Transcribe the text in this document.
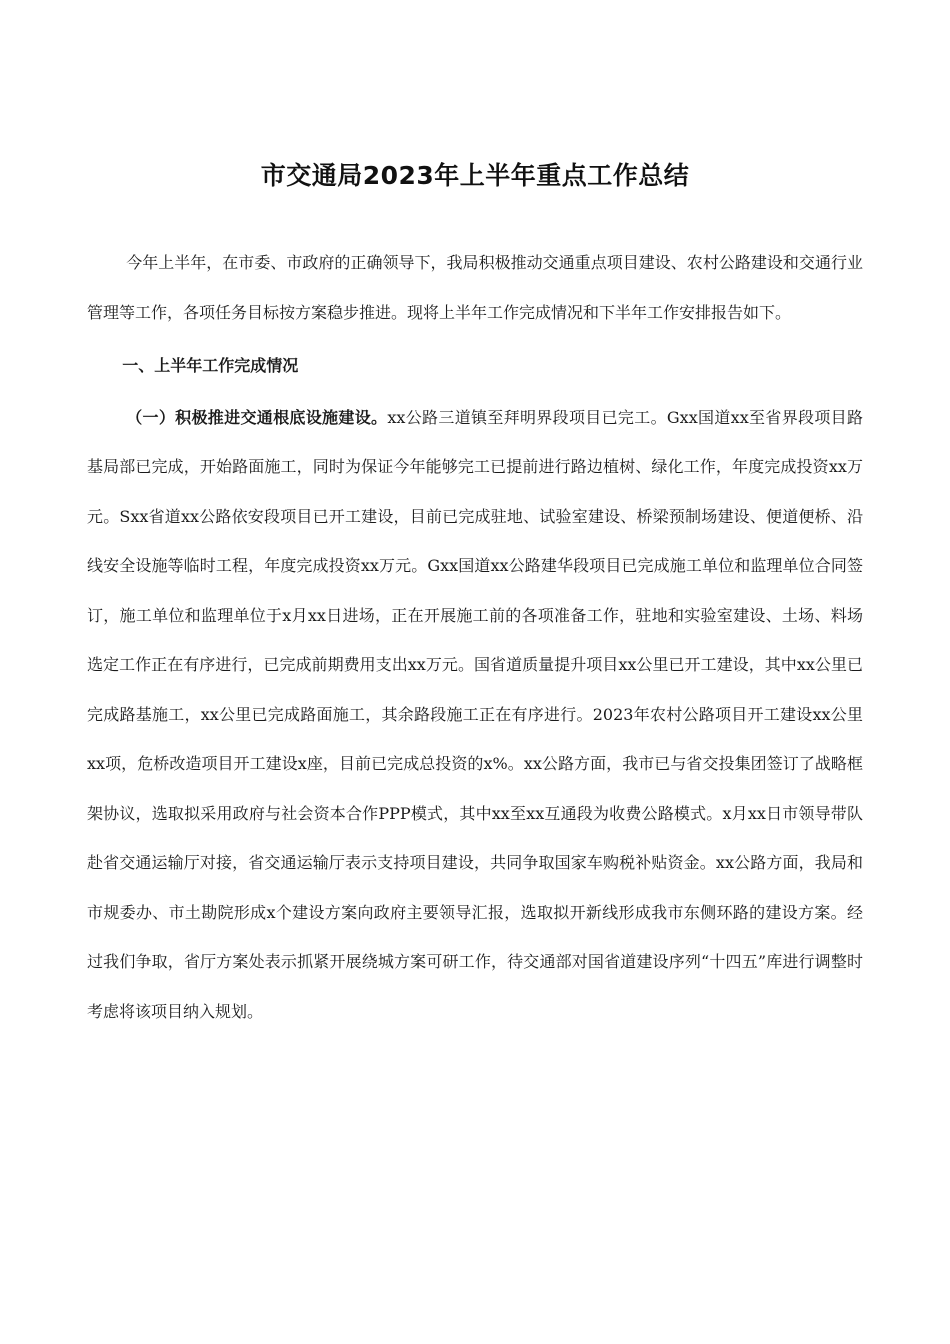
市交通局2023年上半年重点工作总结

今年上半年，在市委、市政府的正确领导下，我局积极推动交通重点项目建设、农村公路建设和交通行业管理等工作，各项任务目标按方案稳步推进。现将上半年工作完成情况和下半年工作安排报告如下。

一、上半年工作完成情况

（一）积极推进交通根底设施建设。xx公路三道镇至拜明界段项目已完工。Gxx国道xx至省界段项目路基局部已完成，开始路面施工，同时为保证今年能够完工已提前进行路边植树、绿化工作，年度完成投资xx万元。Sxx省道xx公路依安段项目已开工建设，目前已完成驻地、试验室建设、桥梁预制场建设、便道便桥、沿线安全设施等临时工程，年度完成投资xx万元。Gxx国道xx公路建华段项目已完成施工单位和监理单位合同签订，施工单位和监理单位于x月xx日进场，正在开展施工前的各项准备工作，驻地和实验室建设、土场、料场选定工作正在有序进行，已完成前期费用支出xx万元。国省道质量提升项目xx公里已开工建设，其中xx公里已完成路基施工，xx公里已完成路面施工，其余路段施工正在有序进行。2023年农村公路项目开工建设xx公里xx项，危桥改造项目开工建设x座，目前已完成总投资的x%。xx公路方面，我市已与省交投集团签订了战略框架协议，选取拟采用政府与社会资本合作PPP模式，其中xx至xx互通段为收费公路模式。x月xx日市领导带队赴省交通运输厅对接，省交通运输厅表示支持项目建设，共同争取国家车购税补贴资金。xx公路方面，我局和市规委办、市土勘院形成x个建设方案向政府主要领导汇报，选取拟开新线形成我市东侧环路的建设方案。经过我们争取，省厅方案处表示抓紧开展绕城方案可研工作，待交通部对国省道建设序列“十四五”库进行调整时考虑将该项目纳入规划。
